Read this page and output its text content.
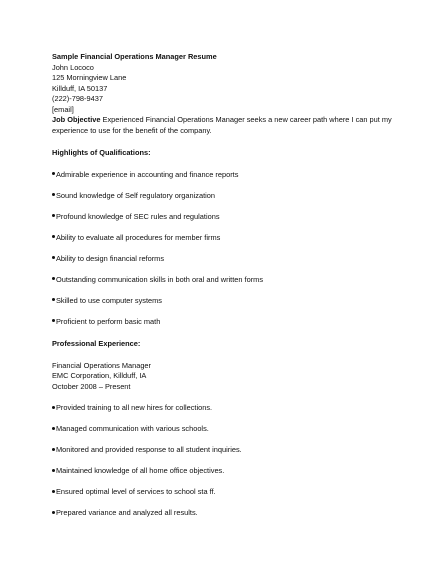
Sample Financial Operations Manager Resume
John Lococo
125 Morningview Lane
Killduff, IA 50137
(222)-798-9437
[email]
Job Objective Experienced Financial Operations Manager seeks a new career path where I can put my experience to use for the benefit of the company.
Highlights of Qualifications:
Admirable experience in accounting and finance reports
Sound knowledge of Self regulatory organization
Profound knowledge of SEC rules and regulations
Ability to evaluate all procedures for member firms
Ability to design financial reforms
Outstanding communication skills in both oral and written forms
Skilled to use computer systems
Proficient to perform basic math
Professional Experience:
Financial Operations Manager
EMC Corporation, Killduff, IA
October 2008 – Present
Provided training to all new hires for collections.
Managed communication with various schools.
Monitored and provided response to all student inquiries.
Maintained knowledge of all home office objectives.
Ensured optimal level of services to school sta ff.
Prepared variance and analyzed all results.
